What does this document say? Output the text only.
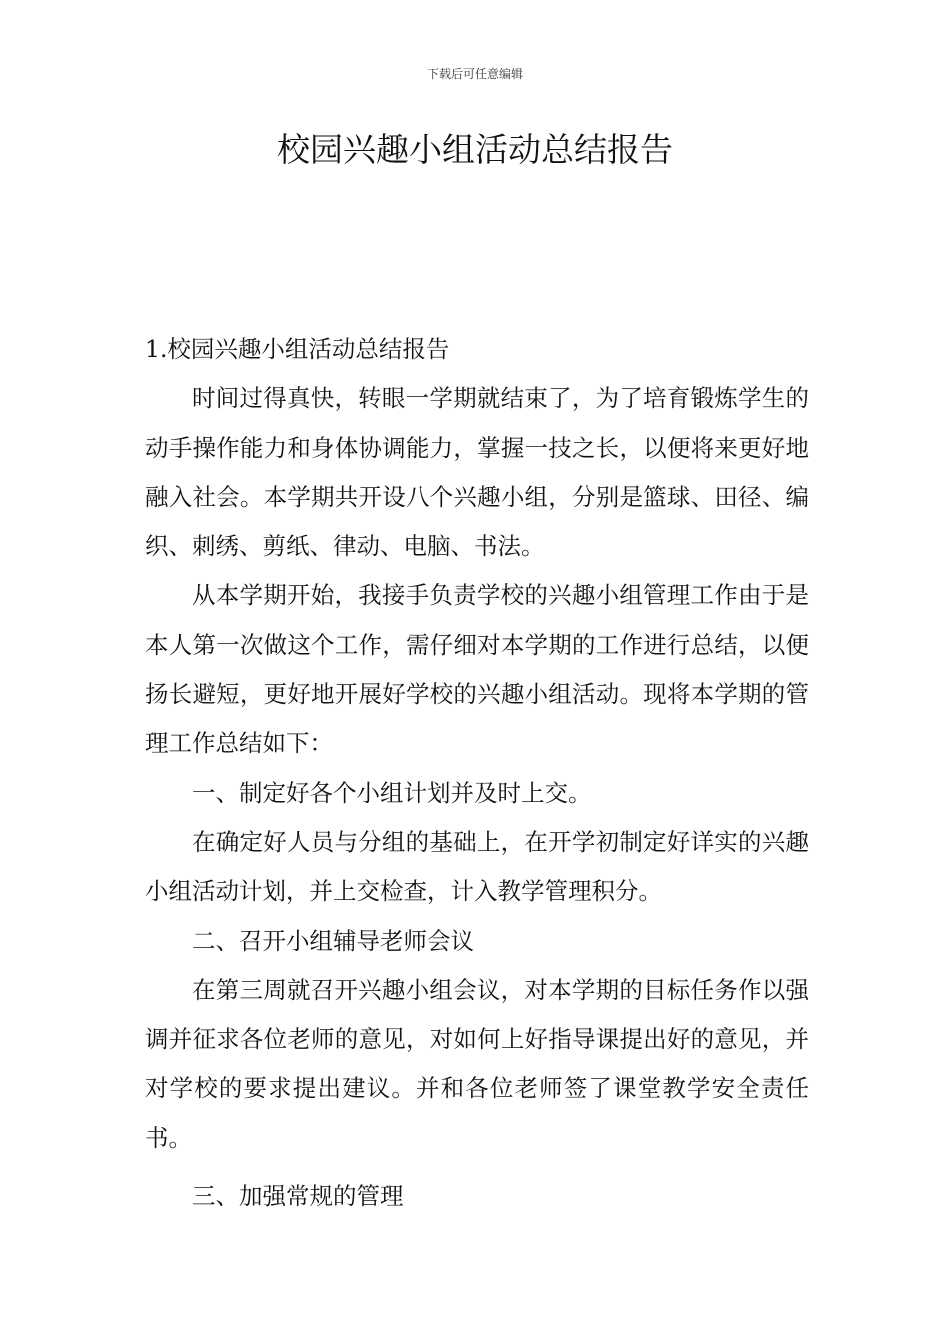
下载后可任意编辑
校园兴趣小组活动总结报告

1.校园兴趣小组活动总结报告

时间过得真快，转眼一学期就结束了，为了培育锻炼学生的动手操作能力和身体协调能力，掌握一技之长，以便将来更好地融入社会。本学期共开设八个兴趣小组，分别是篮球、田径、编织、刺绣、剪纸、律动、电脑、书法。

从本学期开始，我接手负责学校的兴趣小组管理工作由于是本人第一次做这个工作，需仔细对本学期的工作进行总结，以便扬长避短，更好地开展好学校的兴趣小组活动。现将本学期的管理工作总结如下：

一、制定好各个小组计划并及时上交。

在确定好人员与分组的基础上，在开学初制定好详实的兴趣小组活动计划，并上交检查，计入教学管理积分。

二、召开小组辅导老师会议

在第三周就召开兴趣小组会议，对本学期的目标任务作以强调并征求各位老师的意见，对如何上好指导课提出好的意见，并对学校的要求提出建议。并和各位老师签了课堂教学安全责任书。

三、加强常规的管理
